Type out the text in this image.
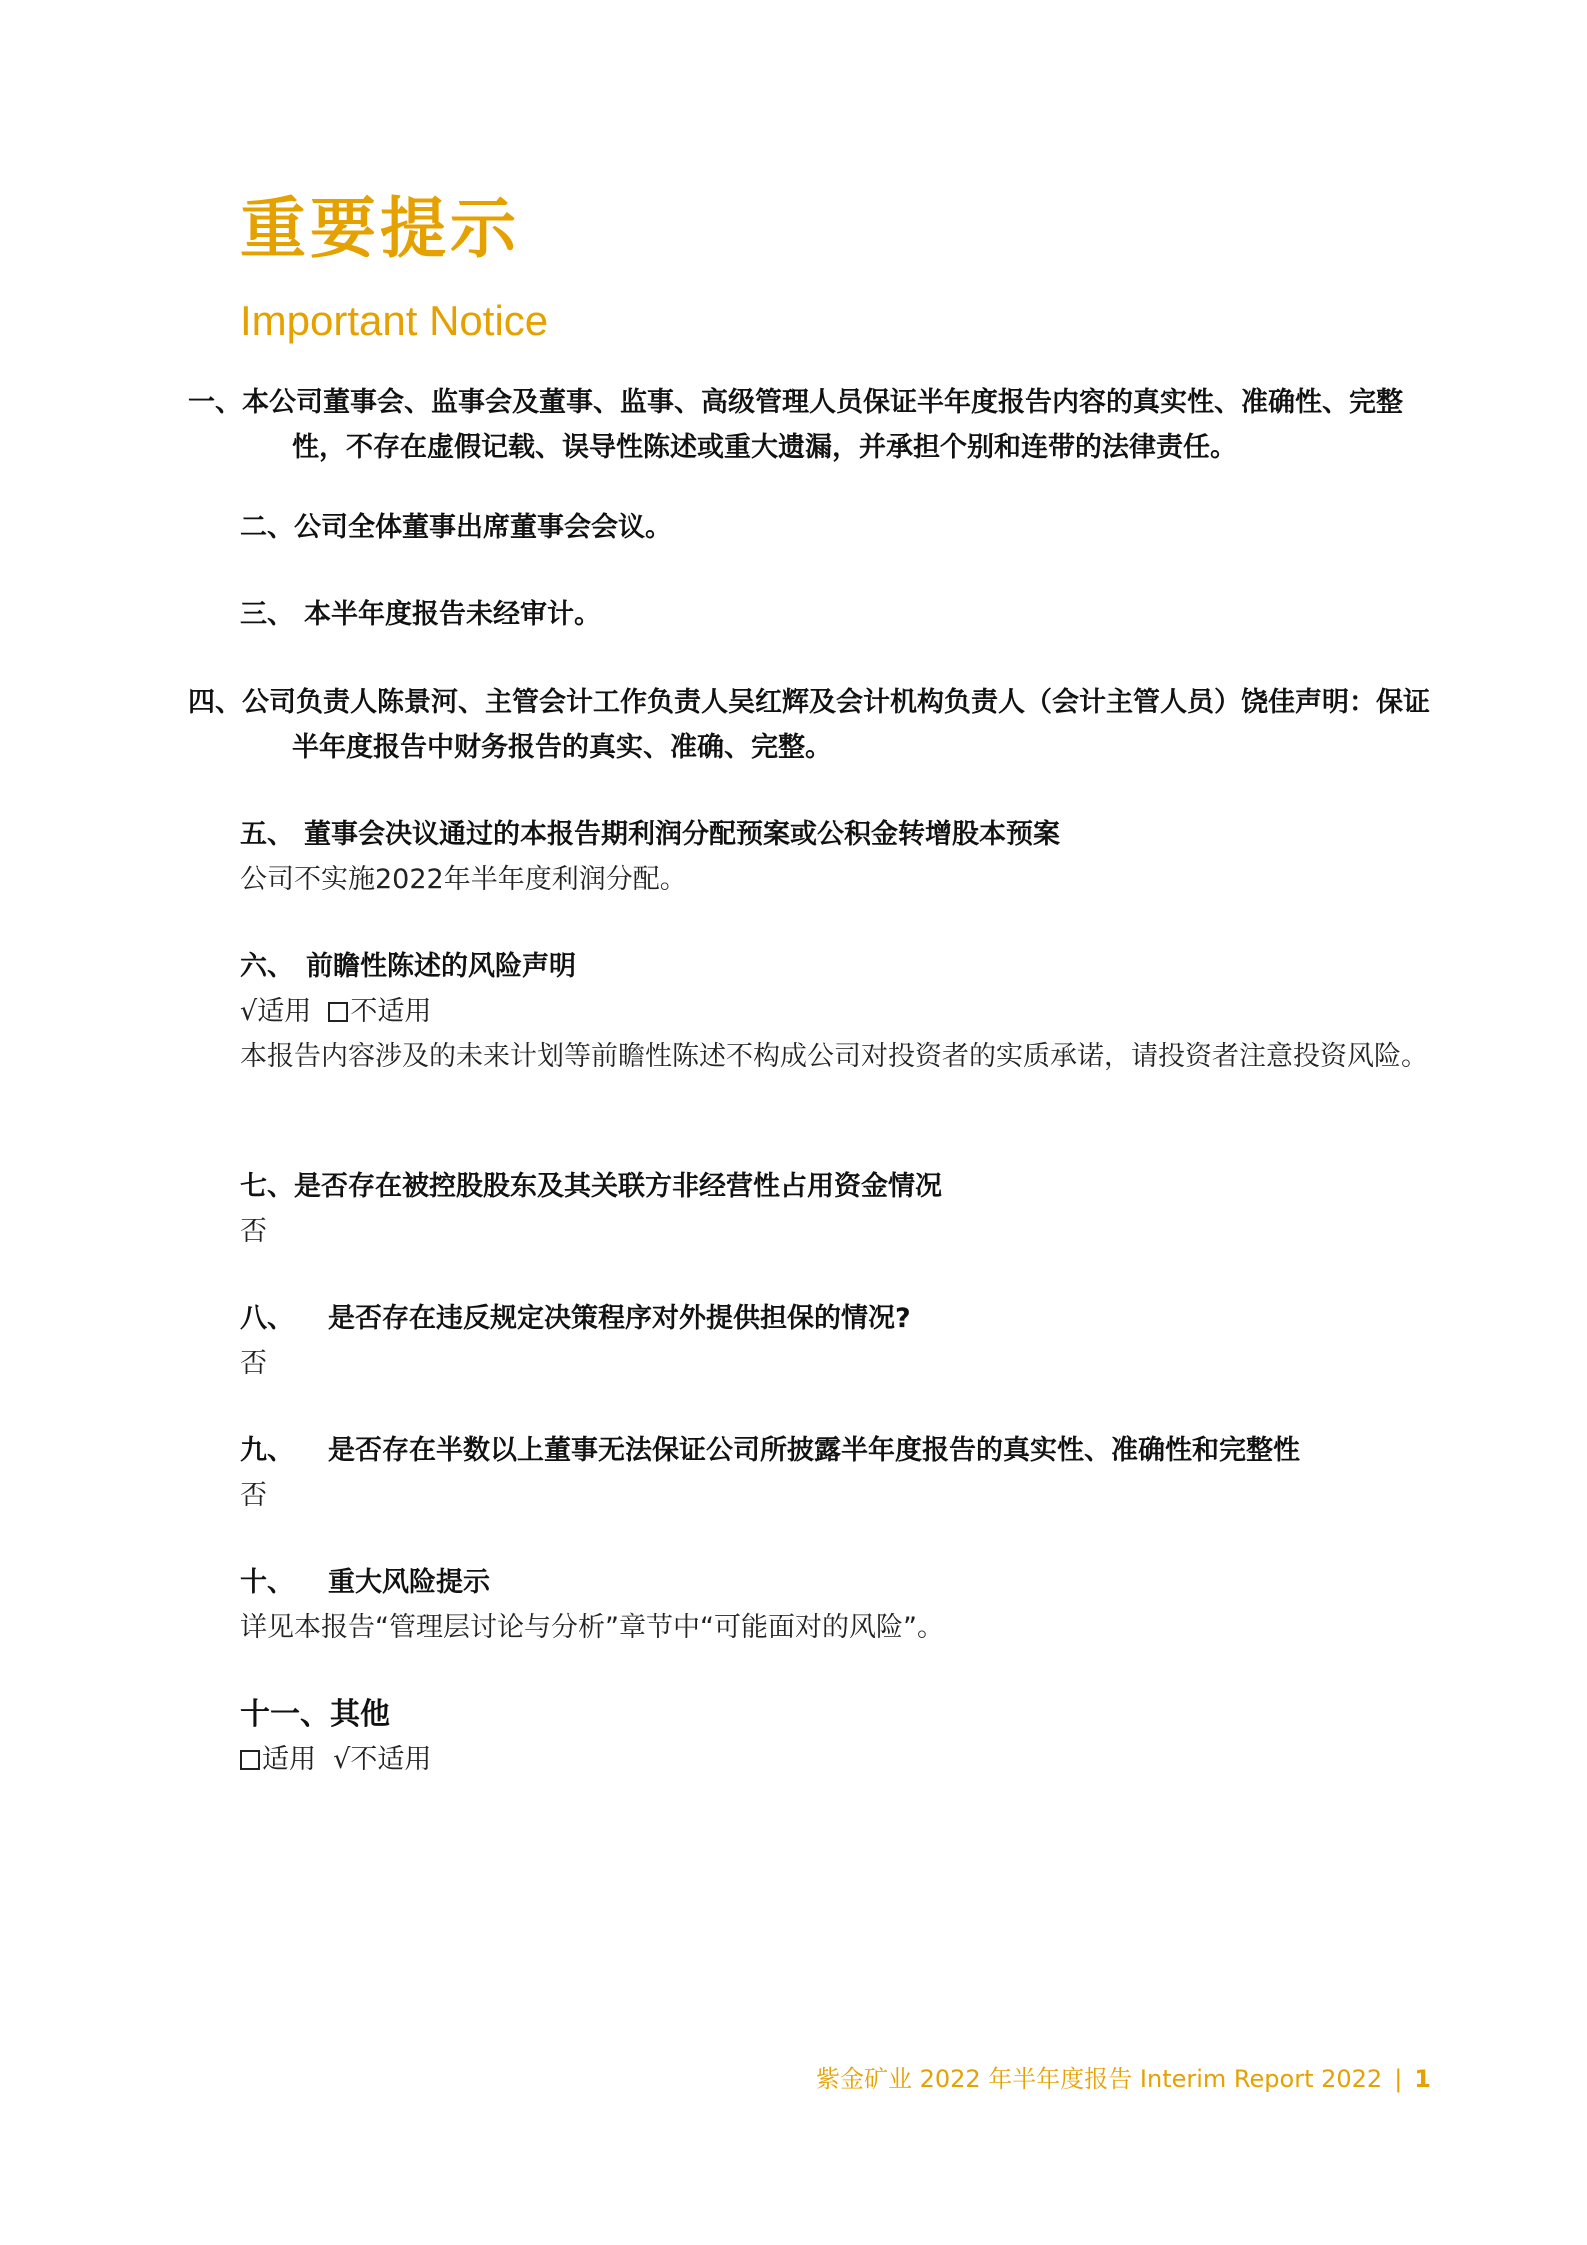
重要提示
Important Notice

一、本公司董事会、监事会及董事、监事、高级管理人员保证半年度报告内容的真实性、准确性、完整性，不存在虚假记载、误导性陈述或重大遗漏，并承担个别和连带的法律责任。

二、公司全体董事出席董事会会议。

三、 本半年度报告未经审计。

四、公司负责人陈景河、主管会计工作负责人吴红辉及会计机构负责人（会计主管人员）饶佳声明：保证半年度报告中财务报告的真实、准确、完整。

五、 董事会决议通过的本报告期利润分配预案或公积金转增股本预案

公司不实施2022年半年度利润分配。

六、 前瞻性陈述的风险声明

√适用 不适用

本报告内容涉及的未来计划等前瞻性陈述不构成公司对投资者的实质承诺，请投资者注意投资风险。

七、是否存在被控股股东及其关联方非经营性占用资金情况

否

八、 是否存在违反规定决策程序对外提供担保的情况?

否

九、 是否存在半数以上董事无法保证公司所披露半年度报告的真实性、准确性和完整性

否

十、 重大风险提示

详见本报告“管理层讨论与分析”章节中“可能面对的风险”。

十一、其他

适用 √不适用

紫金矿业 2022 年半年度报告 Interim Report 2022 | 1
